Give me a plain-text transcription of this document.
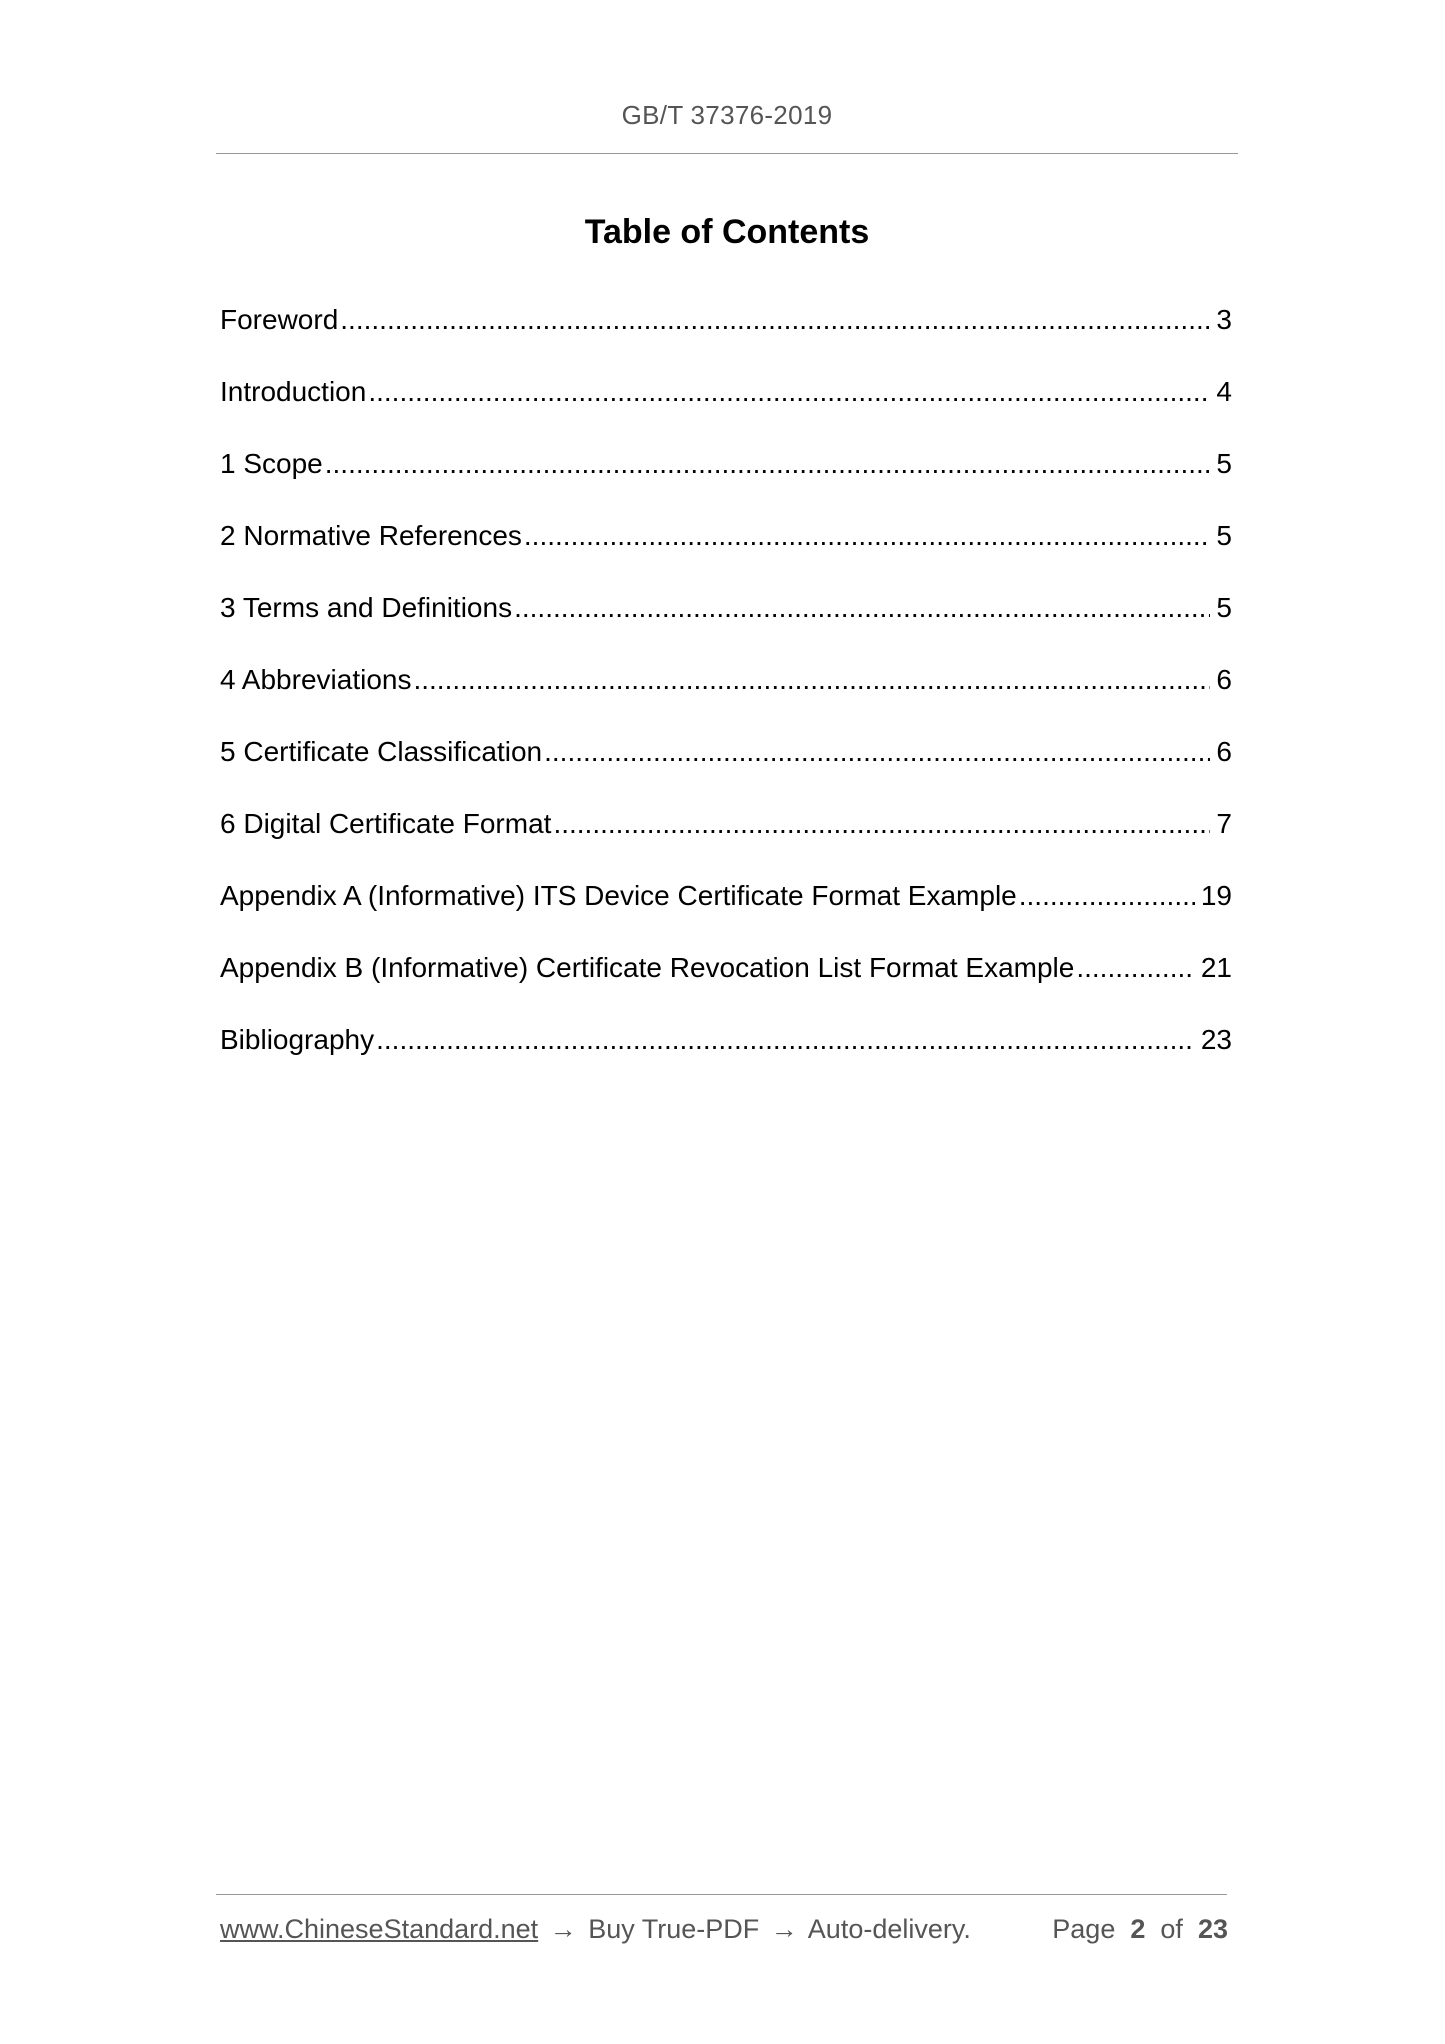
GB/T 37376-2019
Table of Contents
Foreword .....	3
Introduction .....	4
1 Scope .....	5
2 Normative References .....	5
3 Terms and Definitions .....	5
4 Abbreviations .....	6
5 Certificate Classification .....	6
6 Digital Certificate Format .....	7
Appendix A (Informative) ITS Device Certificate Format Example .....	19
Appendix B (Informative) Certificate Revocation List Format Example .....	21
Bibliography .....	23
www.ChineseStandard.net → Buy True-PDF → Auto-delivery.	Page 2 of 23
